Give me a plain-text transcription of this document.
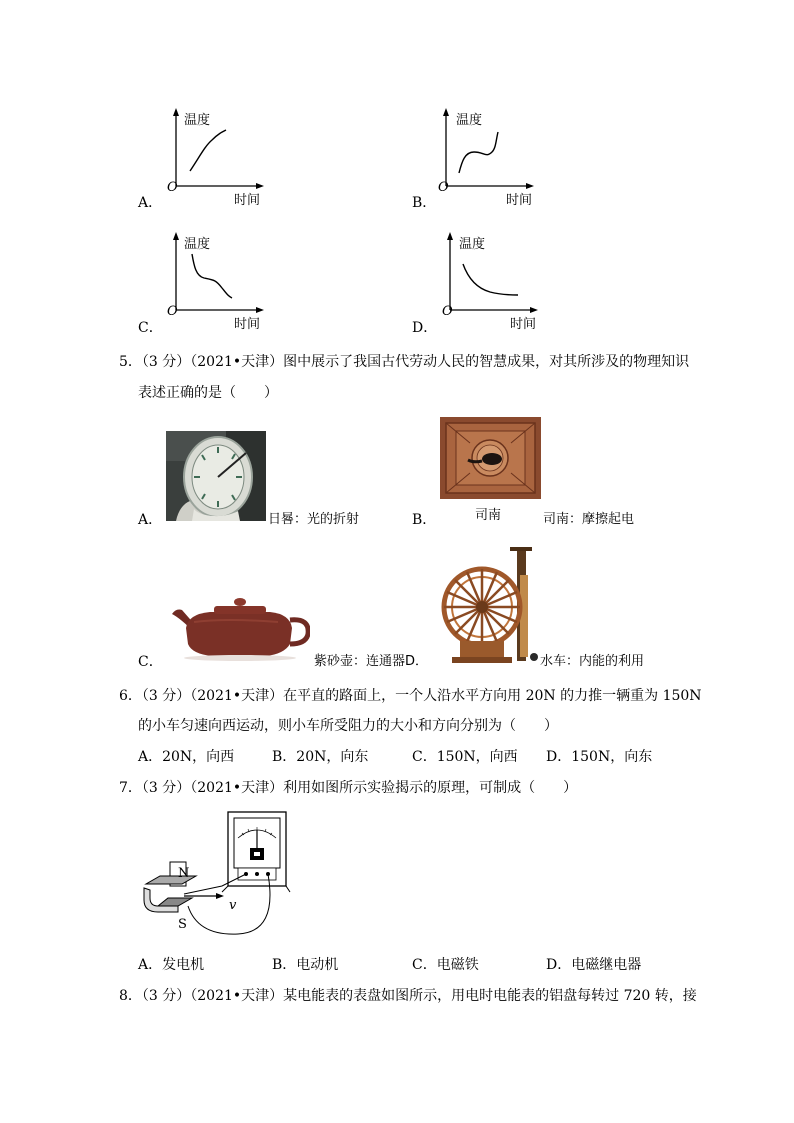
温度
时间
O
A．
温度
时间
O
B．
温度
时间
O
C．
温度
时间
O
D．
5．（3 分）（2021•天津）图中展示了我国古代劳动人民的智慧成果，对其所涉及的物理知识
表述正确的是（　　）
A．	日晷：光的折射	B．	司南	司南：摩擦起电
C．	紫砂壶：连通器D．	水车：内能的利用
6．（3 分）（2021•天津）在平直的路面上，一个人沿水平方向用 20N 的力推一辆重为 150N
的小车匀速向西运动，则小车所受阻力的大小和方向分别为（　　）
A．20N，向西	B．20N，向东	C．150N，向西 D．150N，向东
7．（3 分）（2021•天津）利用如图所示实验揭示的原理，可制成（　　）
N
S
v
A．发电机	B．电动机	C．电磁铁	D．电磁继电器
8．（3 分）（2021•天津）某电能表的表盘如图所示，用电时电能表的铝盘每转过 720 转，接
